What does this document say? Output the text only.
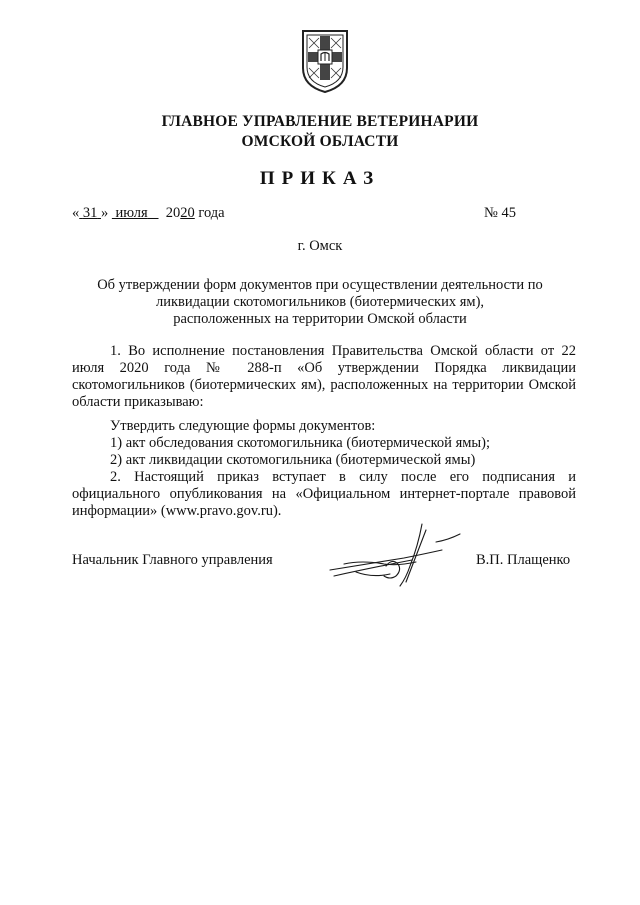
ГЛАВНОЕ УПРАВЛЕНИЕ ВЕТЕРИНАРИИ
ОМСКОЙ ОБЛАСТИ
ПРИКАЗ
« 31 » июля 2020 года	№ 45
г. Омск
Об утверждении форм документов при осуществлении деятельности по
ликвидации скотомогильников (биотермических ям),
расположенных на территории Омской области
1. Во исполнение постановления Правительства Омской области от 22 июля 2020 года № 288-п «Об утверждении Порядка ликвидации скотомогильников (биотермических ям), расположенных на территории Омской области приказываю:
Утвердить следующие формы документов:
1) акт обследования скотомогильника (биотермической ямы);
2) акт ликвидации скотомогильника (биотермической ямы)
2. Настоящий приказ вступает в силу после его подписания и официального опубликования на «Официальном интернет-портале правовой информации» (www.pravo.gov.ru).
Начальник Главного управления	В.П. Плащенко
